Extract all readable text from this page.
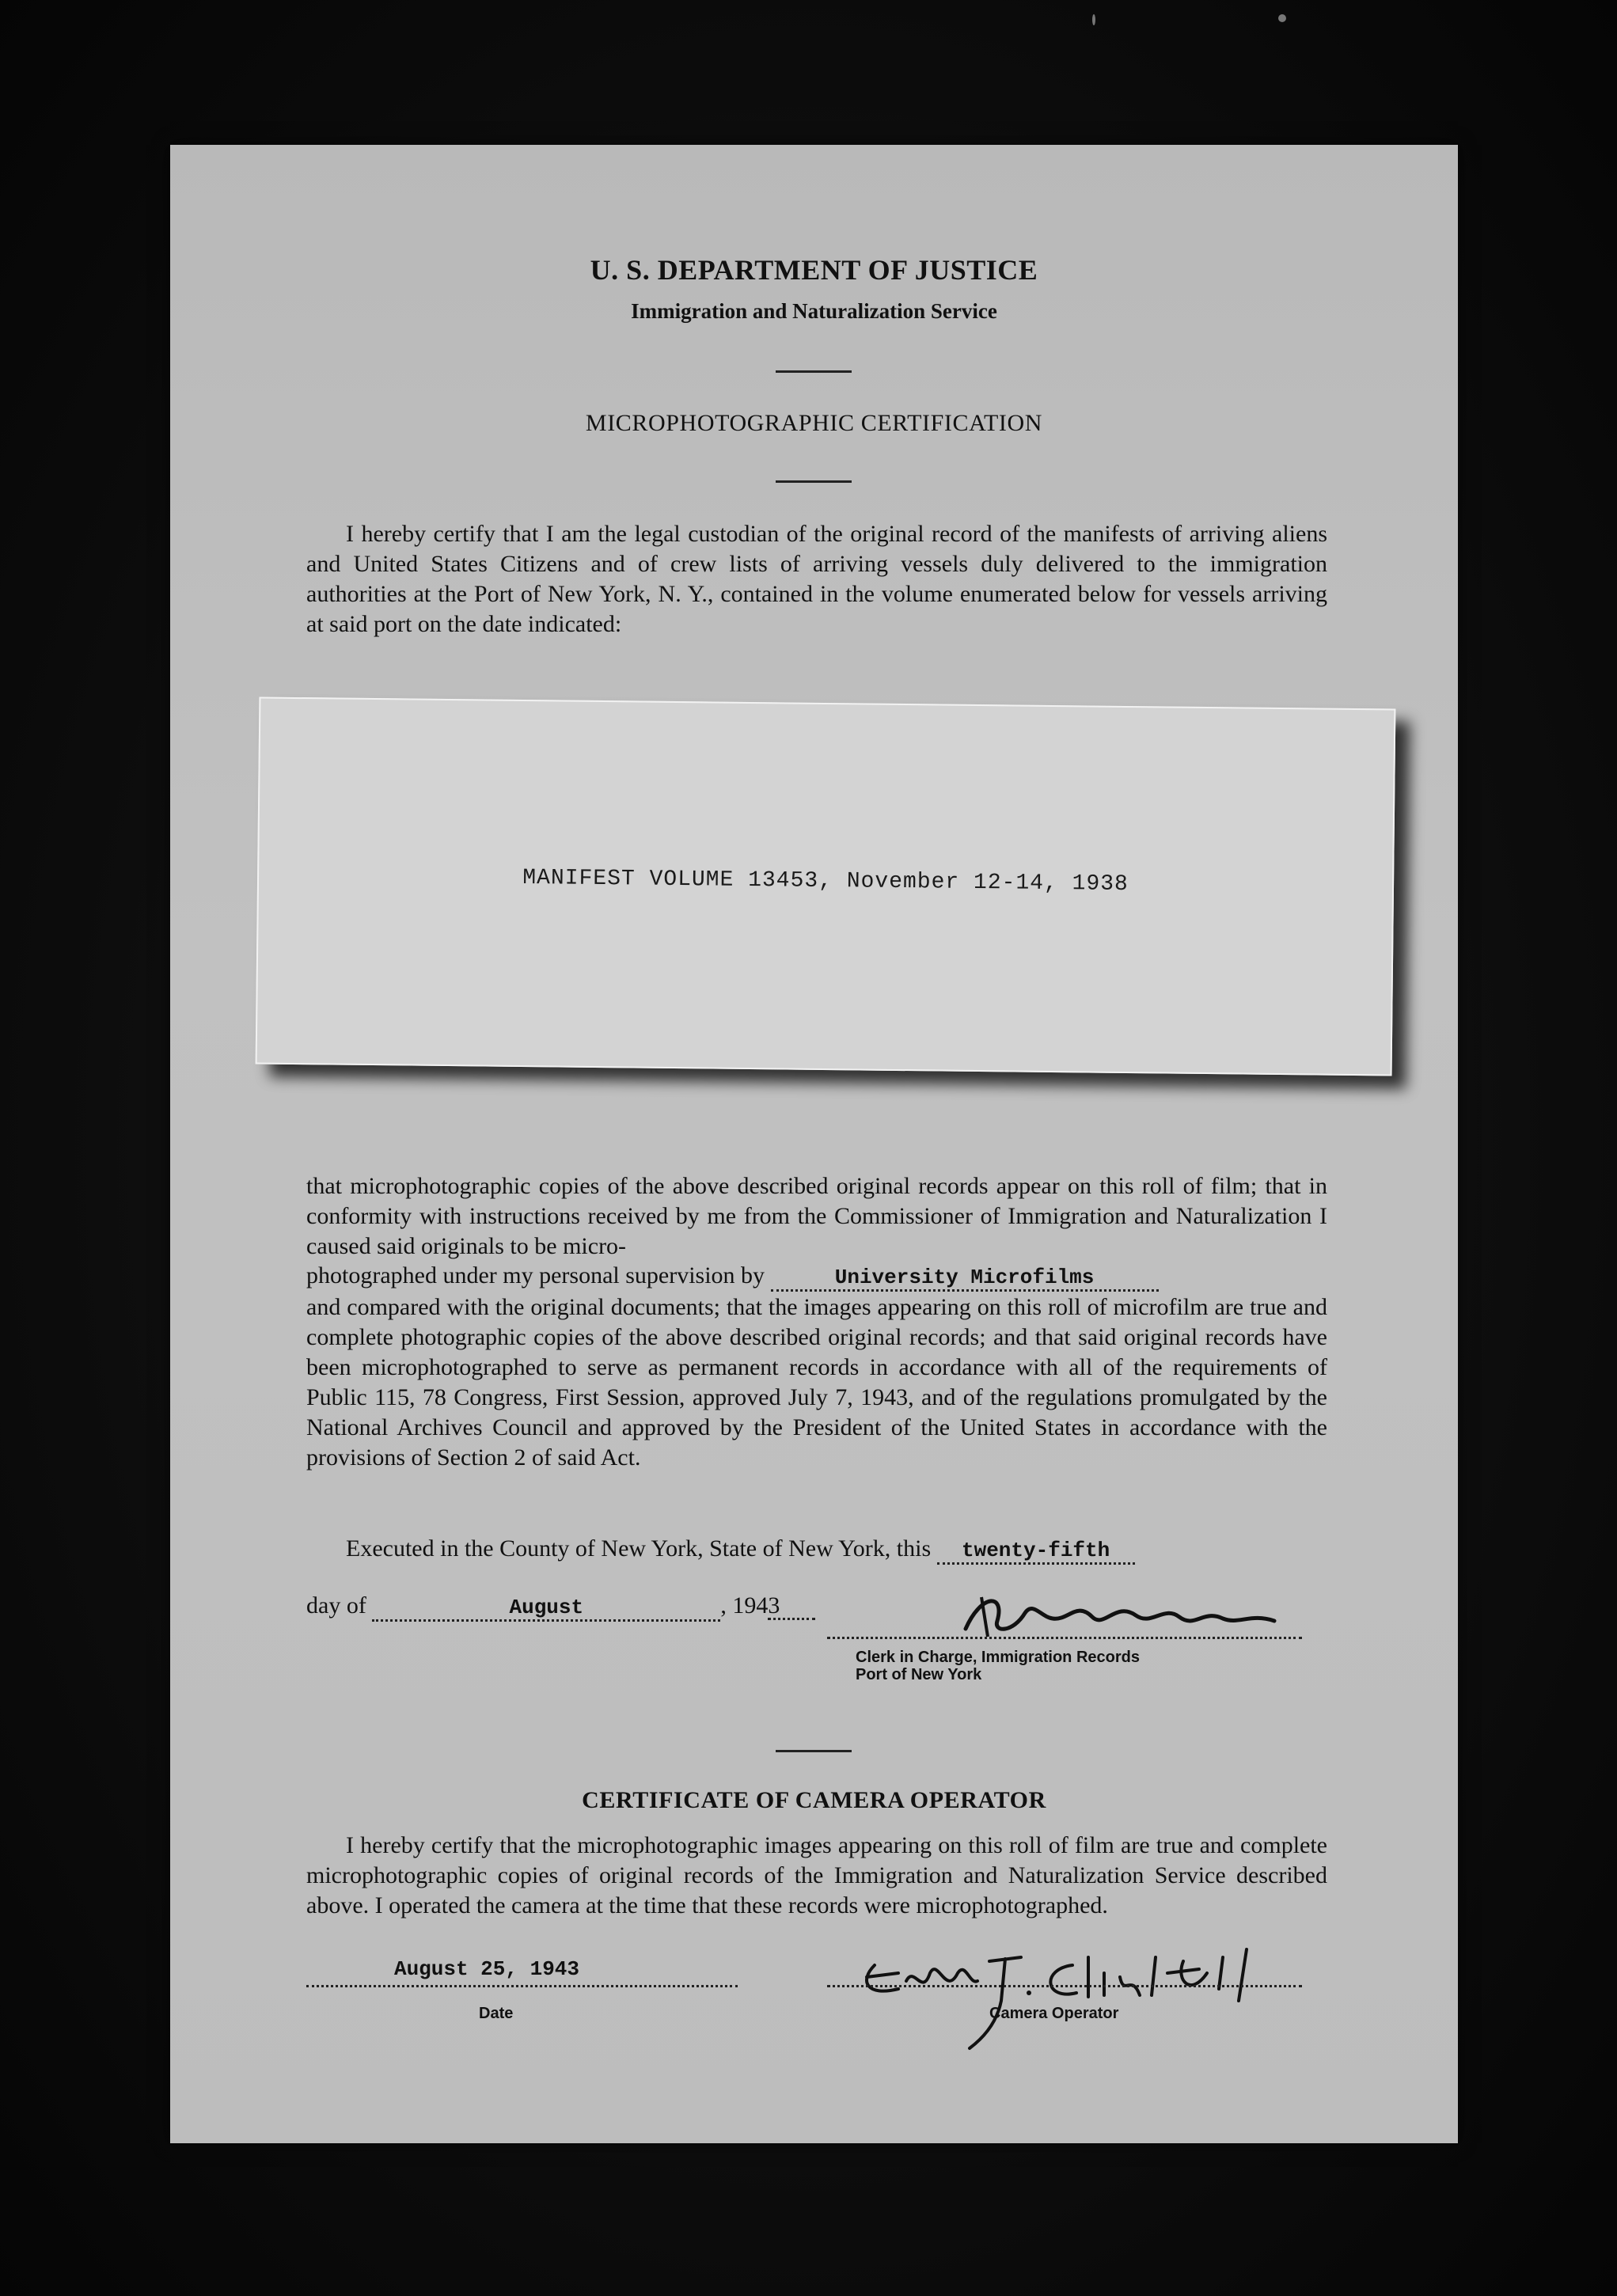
U. S. DEPARTMENT OF JUSTICE
Immigration and Naturalization Service
MICROPHOTOGRAPHIC CERTIFICATION
I hereby certify that I am the legal custodian of the original record of the manifests of arriving aliens and United States Citizens and of crew lists of arriving vessels duly delivered to the immigration authorities at the Port of New York, N. Y., contained in the volume enumerated below for vessels arriving at said port on the date indicated:
MANIFEST VOLUME 13453, November 12-14, 1938
that microphotographic copies of the above described original records appear on this roll of film; that in conformity with instructions received by me from the Commissioner of Immigration and Naturalization I caused said originals to be micro-
photographed under my personal supervision by	University Microfilms
and compared with the original documents; that the images appearing on this roll of microfilm are true and complete photographic copies of the above described original records; and that said original records have been microphotographed to serve as permanent records in accordance with all of the requirements of Public 115, 78 Congress, First Session, approved July 7, 1943, and of the regulations promulgated by the National Archives Council and approved by the President of the United States in accordance with the provisions of Section 2 of said Act.
Executed in the County of New York, State of New York, this twenty-fifth
day of	August	, 1943
Clerk in Charge, Immigration Records
Port of New York
CERTIFICATE OF CAMERA OPERATOR
I hereby certify that the microphotographic images appearing on this roll of film are true and complete microphotographic copies of original records of the Immigration and Naturalization Service described above. I operated the camera at the time that these records were microphotographed.
August 25, 1943
Date	Camera Operator
